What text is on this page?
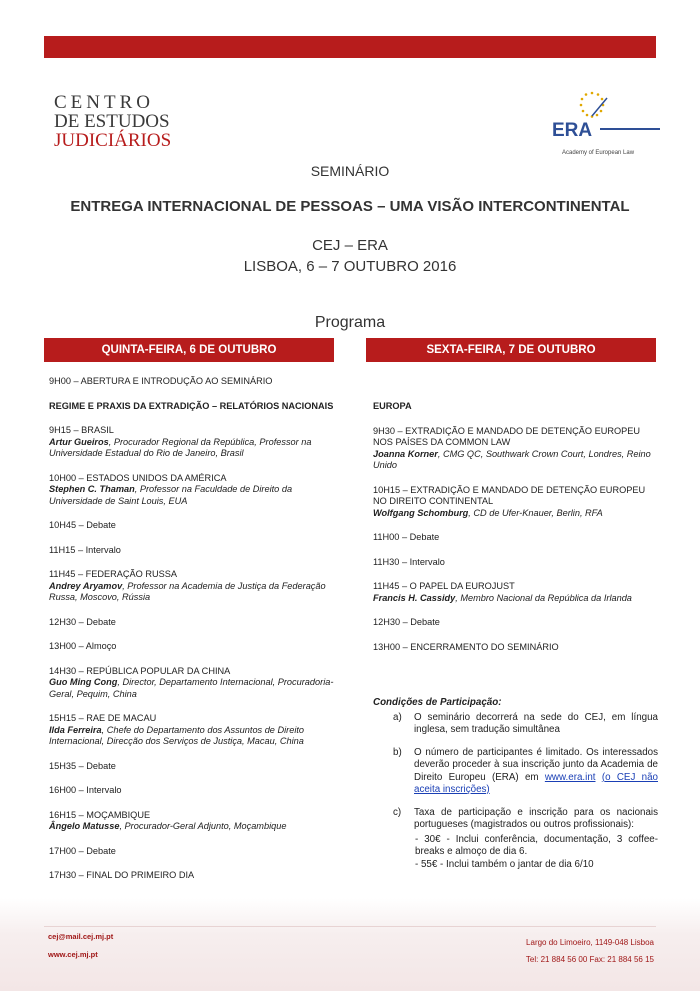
CENTRO
DE ESTUDOS
JUDICIÁRIOS	ERA
Academy of European Law
SEMINÁRIO
ENTREGA INTERNACIONAL DE PESSOAS – UMA VISÃO INTERCONTINENTAL
CEJ – ERA
LISBOA, 6 – 7 OUTUBRO 2016
Programa
QUINTA-FEIRA, 6 DE OUTUBRO	SEXTA-FEIRA, 7 DE OUTUBRO
9H00 – ABERTURA E INTRODUÇÃO AO SEMINÁRIO
REGIME E PRAXIS DA EXTRADIÇÃO – RELATÓRIOS NACIONAIS
9H15 – BRASIL
Artur Gueiros, Procurador Regional da República, Professor na Universidade Estadual do Rio de Janeiro, Brasil
10H00 – ESTADOS UNIDOS DA AMÉRICA
Stephen C. Thaman, Professor na Faculdade de Direito da Universidade de Saint Louis, EUA
10H45 – Debate
11H15 – Intervalo
11H45 – FEDERAÇÃO RUSSA
Andrey Aryamov, Professor na Academia de Justiça da Federação Russa, Moscovo, Rússia
12H30 – Debate
13H00 – Almoço
14H30 – REPÚBLICA POPULAR DA CHINA
Guo Ming Cong, Director, Departamento Internacional, Procuradoria-Geral, Pequim, China
15H15 – RAE DE MACAU
Ilda Ferreira, Chefe do Departamento dos Assuntos de Direito Internacional, Direcção dos Serviços de Justiça, Macau, China
15H35 – Debate
16H00 – Intervalo
16H15 – MOÇAMBIQUE
Ângelo Matusse, Procurador-Geral Adjunto, Moçambique
17H00 – Debate
17H30 – FINAL DO PRIMEIRO DIA
EUROPA
9H30 – EXTRADIÇÃO E MANDADO DE DETENÇÃO EUROPEU NOS PAÍSES DA COMMON LAW
Joanna Korner, CMG QC, Southwark Crown Court, Londres, Reino Unido
10H15 – EXTRADIÇÃO E MANDADO DE DETENÇÃO EUROPEU NO DIREITO CONTINENTAL
Wolfgang Schomburg, CD de Ufer-Knauer, Berlin, RFA
11H00 – Debate
11H30 – Intervalo
11H45 – O PAPEL DA EUROJUST
Francis H. Cassidy, Membro Nacional da República da Irlanda
12H30 – Debate
13H00 – ENCERRAMENTO DO SEMINÁRIO
Condições de Participação:
a) O seminário decorrerá na sede do CEJ, em língua inglesa, sem tradução simultânea
b) O número de participantes é limitado. Os interessados deverão proceder à sua inscrição junto da Academia de Direito Europeu (ERA) em www.era.int (o CEJ não aceita inscrições)
c) Taxa de participação e inscrição para os nacionais portugueses (magistrados ou outros profissionais):
- 30€ - Inclui conferência, documentação, 3 coffee-breaks e almoço de dia 6.
- 55€ - Inclui também o jantar de dia 6/10
cej@mail.cej.mj.pt
www.cej.mj.pt
Largo do Limoeiro, 1149-048 Lisboa
Tel: 21 884 56 00 Fax: 21 884 56 15
